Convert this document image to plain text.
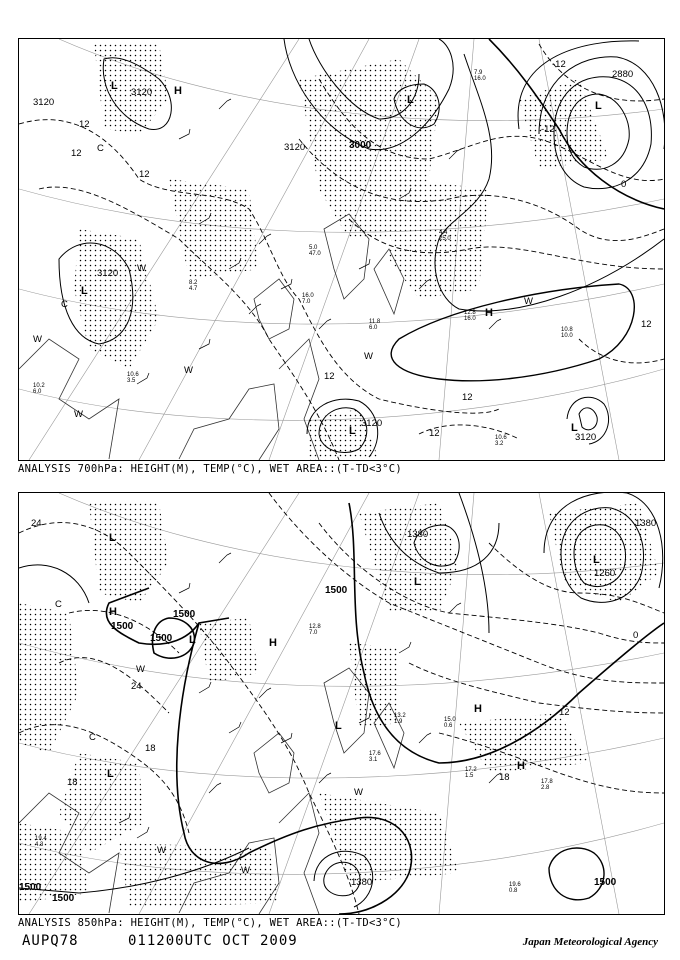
3120
3120
3120
3000
3120
3120
3120
2880
12
12
12
12
12
0
-12
-12
12
12
L	H
L	L
L
H
L	L
W
W
W
W
W
C
C
W
10.2 6.0
11.8 6.0
10.6 3.5
16.0 7.0
10.8 10.0
10.6 3.2
4.4 25.0
12.8 16.0
7.9 16.0
8.2 4.7
5.0 47.0
ANALYSIS 700hPa: HEIGHT(M), TEMP(°C), WET AREA::(T-TD<3°C)
1380
1380
1500
1500
1500
1500
1260
1500
1500
1500
1380
24
24
18
18	18
12
0
H
L
H
L
L
H
H
L
W
W
W
W
C
C
L
L	17.2 1.5
17.8 2.8
19.6 0.8
19.4 4.3
13.2 1.9
17.6 3.1
15.0 0.6
12.8 7.0
ANALYSIS 850hPa: HEIGHT(M), TEMP(°C), WET AREA::(T-TD<3°C)
AUPQ78	011200UTC OCT 2009	Japan Meteorological Agency
